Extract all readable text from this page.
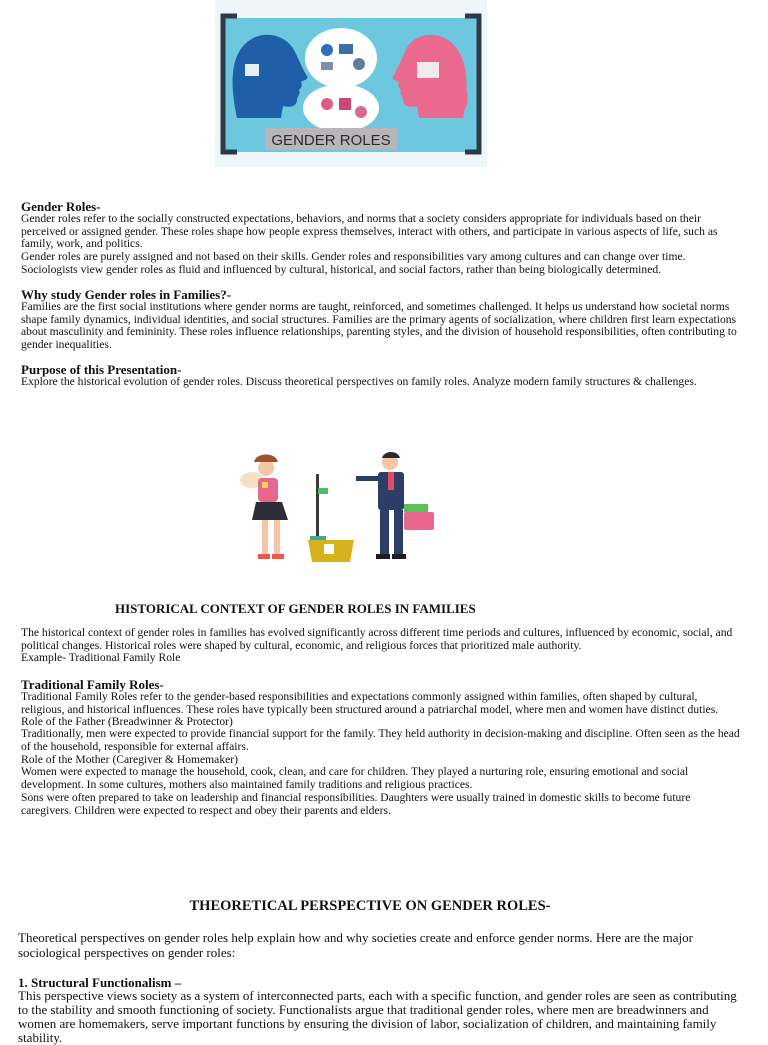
GENDER ROLES
Gender Roles-
Gender roles refer to the socially constructed expectations, behaviors, and norms that a society considers appropriate for individuals based on their perceived or assigned gender. These roles shape how people express themselves, interact with others, and participate in various aspects of life, such as family, work, and politics.
Gender roles are purely assigned and not based on their skills. Gender roles and responsibilities vary among cultures and can change over time. Sociologists view gender roles as fluid and influenced by cultural, historical, and social factors, rather than being biologically determined.
Why study Gender roles in Families?-
Families are the first social institutions where gender norms are taught, reinforced, and sometimes challenged. It helps us understand how societal norms shape family dynamics, individual identities, and social structures. Families are the primary agents of socialization, where children first learn expectations about masculinity and femininity. These roles influence relationships, parenting styles, and the division of household responsibilities, often contributing to gender inequalities.
Purpose of this Presentation-
Explore the historical evolution of gender roles. Discuss theoretical perspectives on family roles. Analyze modern family structures & challenges.
HISTORICAL CONTEXT OF GENDER ROLES IN FAMILIES
The historical context of gender roles in families has evolved significantly across different time periods and cultures, influenced by economic, social, and political changes. Historical roles were shaped by cultural, economic, and religious forces that prioritized male authority.
Example- Traditional Family Role
Traditional Family Roles-
Traditional Family Roles refer to the gender-based responsibilities and expectations commonly assigned within families, often shaped by cultural, religious, and historical influences. These roles have typically been structured around a patriarchal model, where men and women have distinct duties.
Role of the Father (Breadwinner & Protector)
Traditionally, men were expected to provide financial support for the family. They held authority in decision-making and discipline. Often seen as the head of the household, responsible for external affairs.
Role of the Mother (Caregiver & Homemaker)
Women were expected to manage the household, cook, clean, and care for children. They played a nurturing role, ensuring emotional and social development. In some cultures, mothers also maintained family traditions and religious practices.
Sons were often prepared to take on leadership and financial responsibilities. Daughters were usually trained in domestic skills to become future caregivers. Children were expected to respect and obey their parents and elders.
THEORETICAL PERSPECTIVE ON GENDER ROLES-
Theoretical perspectives on gender roles help explain how and why societies create and enforce gender norms. Here are the major sociological perspectives on gender roles:
1. Structural Functionalism –
This perspective views society as a system of interconnected parts, each with a specific function, and gender roles are seen as contributing to the stability and smooth functioning of society. Functionalists argue that traditional gender roles, where men are breadwinners and women are homemakers, serve important functions by ensuring the division of labor, socialization of children, and maintaining family stability.
